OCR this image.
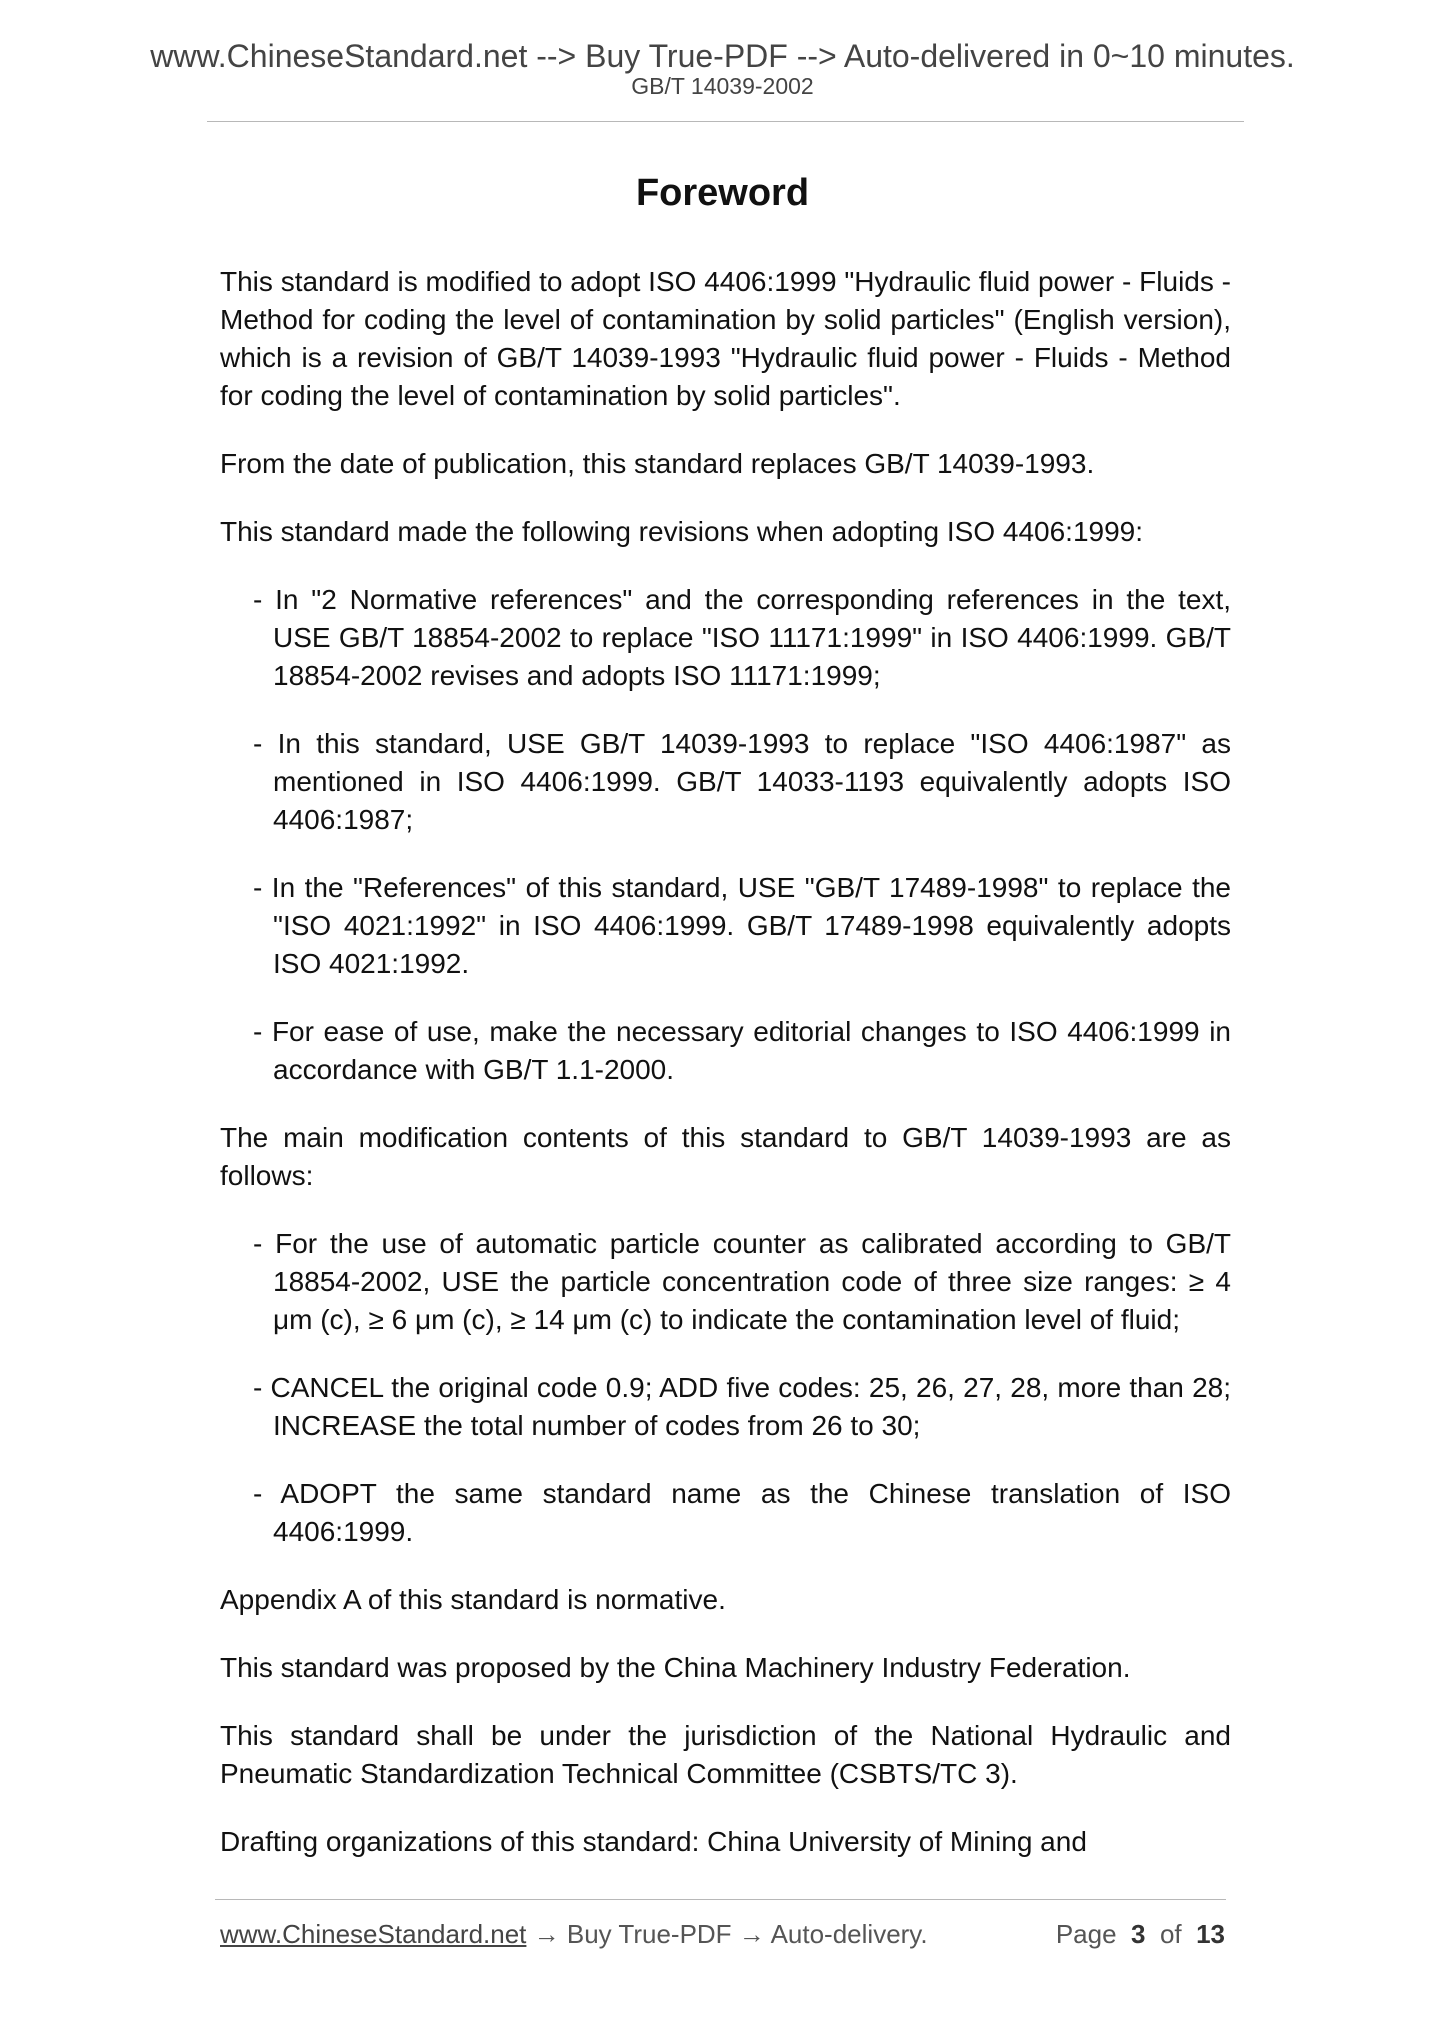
www.ChineseStandard.net --> Buy True-PDF --> Auto-delivered in 0~10 minutes.
GB/T 14039-2002
Foreword

This standard is modified to adopt ISO 4406:1999 "Hydraulic fluid power - Fluids - Method for coding the level of contamination by solid particles" (English version), which is a revision of GB/T 14039-1993 "Hydraulic fluid power - Fluids - Method for coding the level of contamination by solid particles".

From the date of publication, this standard replaces GB/T 14039-1993.

This standard made the following revisions when adopting ISO 4406:1999:

- In "2 Normative references" and the corresponding references in the text, USE GB/T 18854-2002 to replace "ISO 11171:1999" in ISO 4406:1999. GB/T 18854-2002 revises and adopts ISO 11171:1999;

- In this standard, USE GB/T 14039-1993 to replace "ISO 4406:1987" as mentioned in ISO 4406:1999. GB/T 14033-1193 equivalently adopts ISO 4406:1987;

- In the "References" of this standard, USE "GB/T 17489-1998" to replace the "ISO 4021:1992" in ISO 4406:1999. GB/T 17489-1998 equivalently adopts ISO 4021:1992.

- For ease of use, make the necessary editorial changes to ISO 4406:1999 in accordance with GB/T 1.1-2000.

The main modification contents of this standard to GB/T 14039-1993 are as follows:

- For the use of automatic particle counter as calibrated according to GB/T 18854-2002, USE the particle concentration code of three size ranges: ≥ 4 μm (c), ≥ 6 μm (c), ≥ 14 μm (c) to indicate the contamination level of fluid;

- CANCEL the original code 0.9; ADD five codes: 25, 26, 27, 28, more than 28; INCREASE the total number of codes from 26 to 30;

- ADOPT the same standard name as the Chinese translation of ISO 4406:1999.

Appendix A of this standard is normative.

This standard was proposed by the China Machinery Industry Federation.

This standard shall be under the jurisdiction of the National Hydraulic and Pneumatic Standardization Technical Committee (CSBTS/TC 3).

Drafting organizations of this standard: China University of Mining and

www.ChineseStandard.net → Buy True-PDF → Auto-delivery.	Page 3 of 13
